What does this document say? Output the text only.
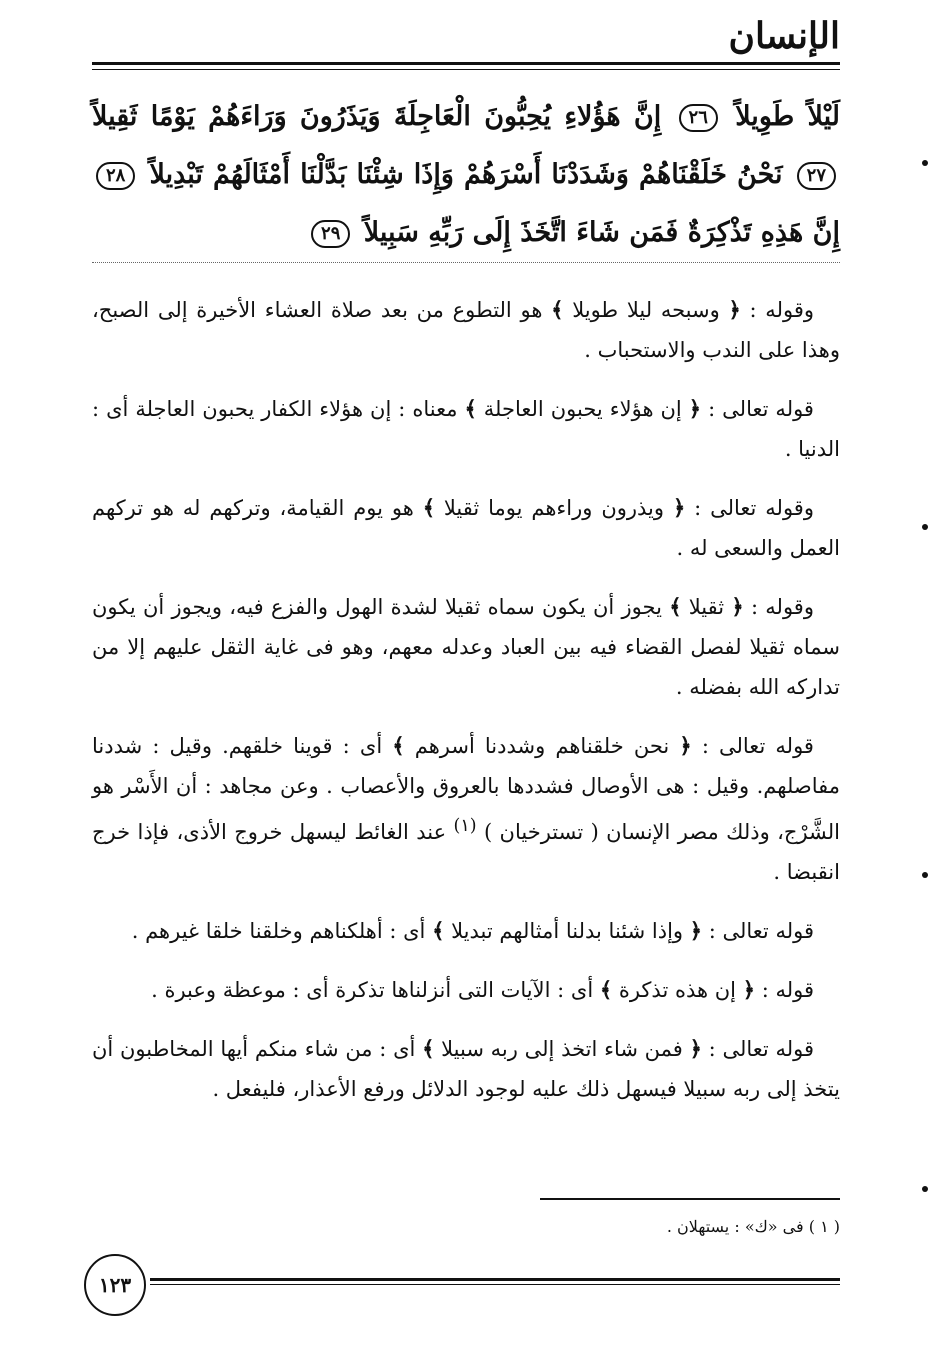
الإنسان
لَيْلاً طَوِيلاً ٢٦ إِنَّ هَؤُلاءِ يُحِبُّونَ الْعَاجِلَةَ وَيَذَرُونَ وَرَاءَهُمْ يَوْمًا ثَقِيلاً ٢٧ نَحْنُ خَلَقْنَاهُمْ وَشَدَدْنَا أَسْرَهُمْ وَإِذَا شِئْنَا بَدَّلْنَا أَمْثَالَهُمْ تَبْدِيلاً ٢٨ إِنَّ هَذِهِ تَذْكِرَةٌ فَمَن شَاءَ اتَّخَذَ إِلَى رَبِّهِ سَبِيلاً ٢٩

وقوله : ﴿ وسبحه ليلا طويلا ﴾ هو التطوع من بعد صلاة العشاء الأخيرة إلى الصبح، وهذا على الندب والاستحباب .

قوله تعالى : ﴿ إن هؤلاء يحبون العاجلة ﴾ معناه : إن هؤلاء الكفار يحبون العاجلة أى : الدنيا .

وقوله تعالى : ﴿ ويذرون وراءهم يوما ثقيلا ﴾ هو يوم القيامة، وتركهم له هو تركهم العمل والسعى له .

وقوله : ﴿ ثقيلا ﴾ يجوز أن يكون سماه ثقيلا لشدة الهول والفزع فيه، ويجوز أن يكون سماه ثقيلا لفصل القضاء فيه بين العباد وعدله معهم، وهو فى غاية الثقل عليهم إلا من تداركه الله بفضله .

قوله تعالى : ﴿ نحن خلقناهم وشددنا أسرهم ﴾ أى : قوينا خلقهم. وقيل : شددنا مفاصلهم. وقيل : هى الأوصال فشددها بالعروق والأعصاب . وعن مجاهد : أن الأَسْر هو الشَّرْج، وذلك مصر الإنسان ( تسترخيان ) $^{(١)}$ عند الغائط ليسهل خروج الأذى، فإذا خرج انقبضا .

قوله تعالى : ﴿ وإذا شئنا بدلنا أمثالهم تبديلا ﴾ أى : أهلكناهم وخلقنا خلقا غيرهم .

قوله : ﴿ إن هذه تذكرة ﴾ أى : الآيات التى أنزلناها تذكرة أى : موعظة وعبرة .

قوله تعالى : ﴿ فمن شاء اتخذ إلى ربه سبيلا ﴾ أى : من شاء منكم أيها المخاطبون أن يتخذ إلى ربه سبيلا فيسهل ذلك عليه لوجود الدلائل ورفع الأعذار، فليفعل .

( ١ ) فى «ك» : يستهلان .
١٢٣
